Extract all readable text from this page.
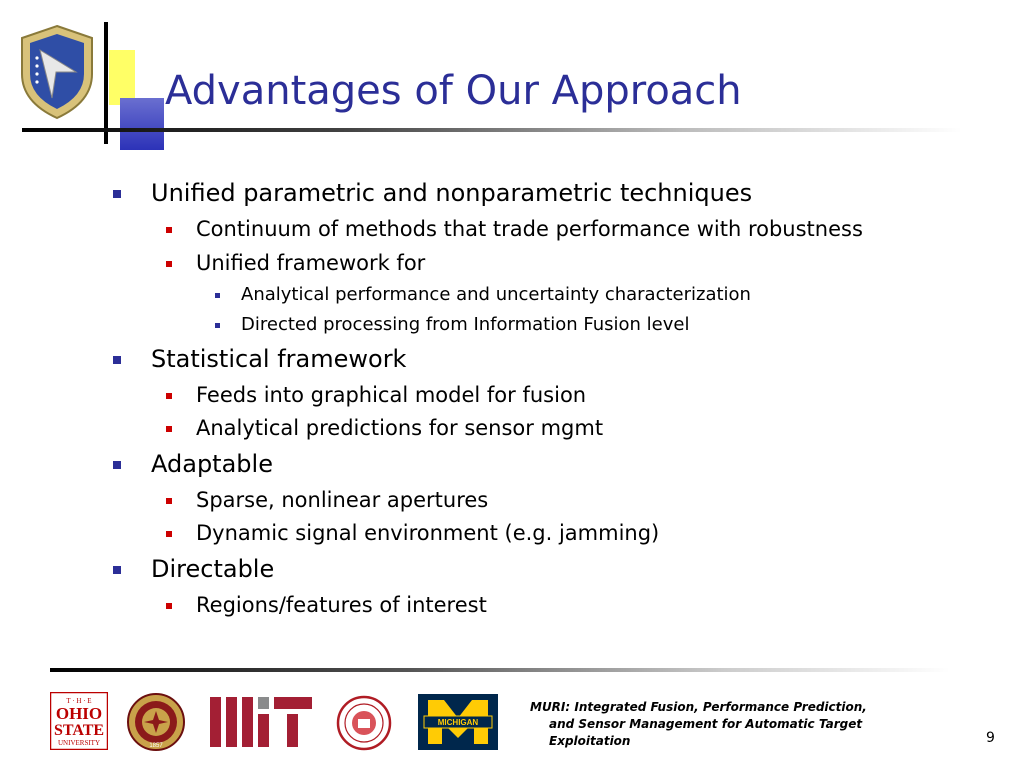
Advantages of Our Approach
Unified parametric and nonparametric techniques
Continuum of methods that trade performance with robustness
Unified framework for
Analytical performance and uncertainty characterization
Directed processing from Information Fusion level
Statistical framework
Feeds into graphical model for fusion
Analytical predictions for sensor mgmt
Adaptable
Sparse, nonlinear apertures
Dynamic signal environment (e.g. jamming)
Directable
Regions/features of interest
T · H · E
OHIO
STATE
UNIVERSITY	1857
MICHIGAN
MURI: Integrated Fusion, Performance Prediction,
and Sensor Management for Automatic Target
Exploitation	9
